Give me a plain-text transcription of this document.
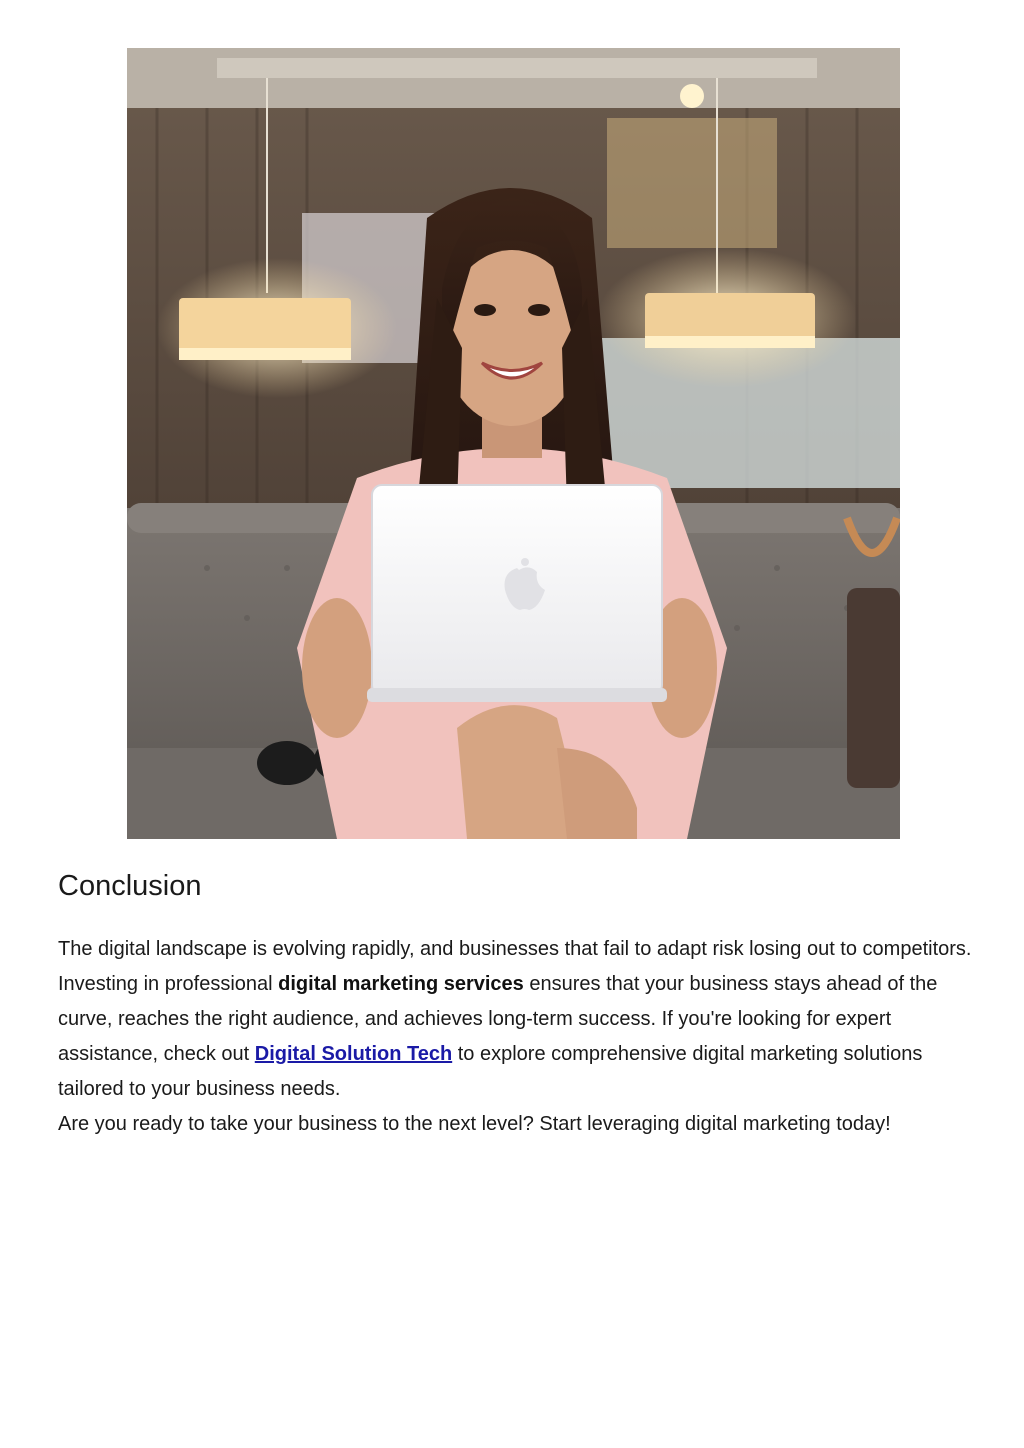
Conclusion

The digital landscape is evolving rapidly, and businesses that fail to adapt risk losing out to competitors. Investing in professional digital marketing services ensures that your business stays ahead of the curve, reaches the right audience, and achieves long-term success. If you're looking for expert assistance, check out Digital Solution Tech to explore comprehensive digital marketing solutions tailored to your business needs.

Are you ready to take your business to the next level? Start leveraging digital marketing today!
